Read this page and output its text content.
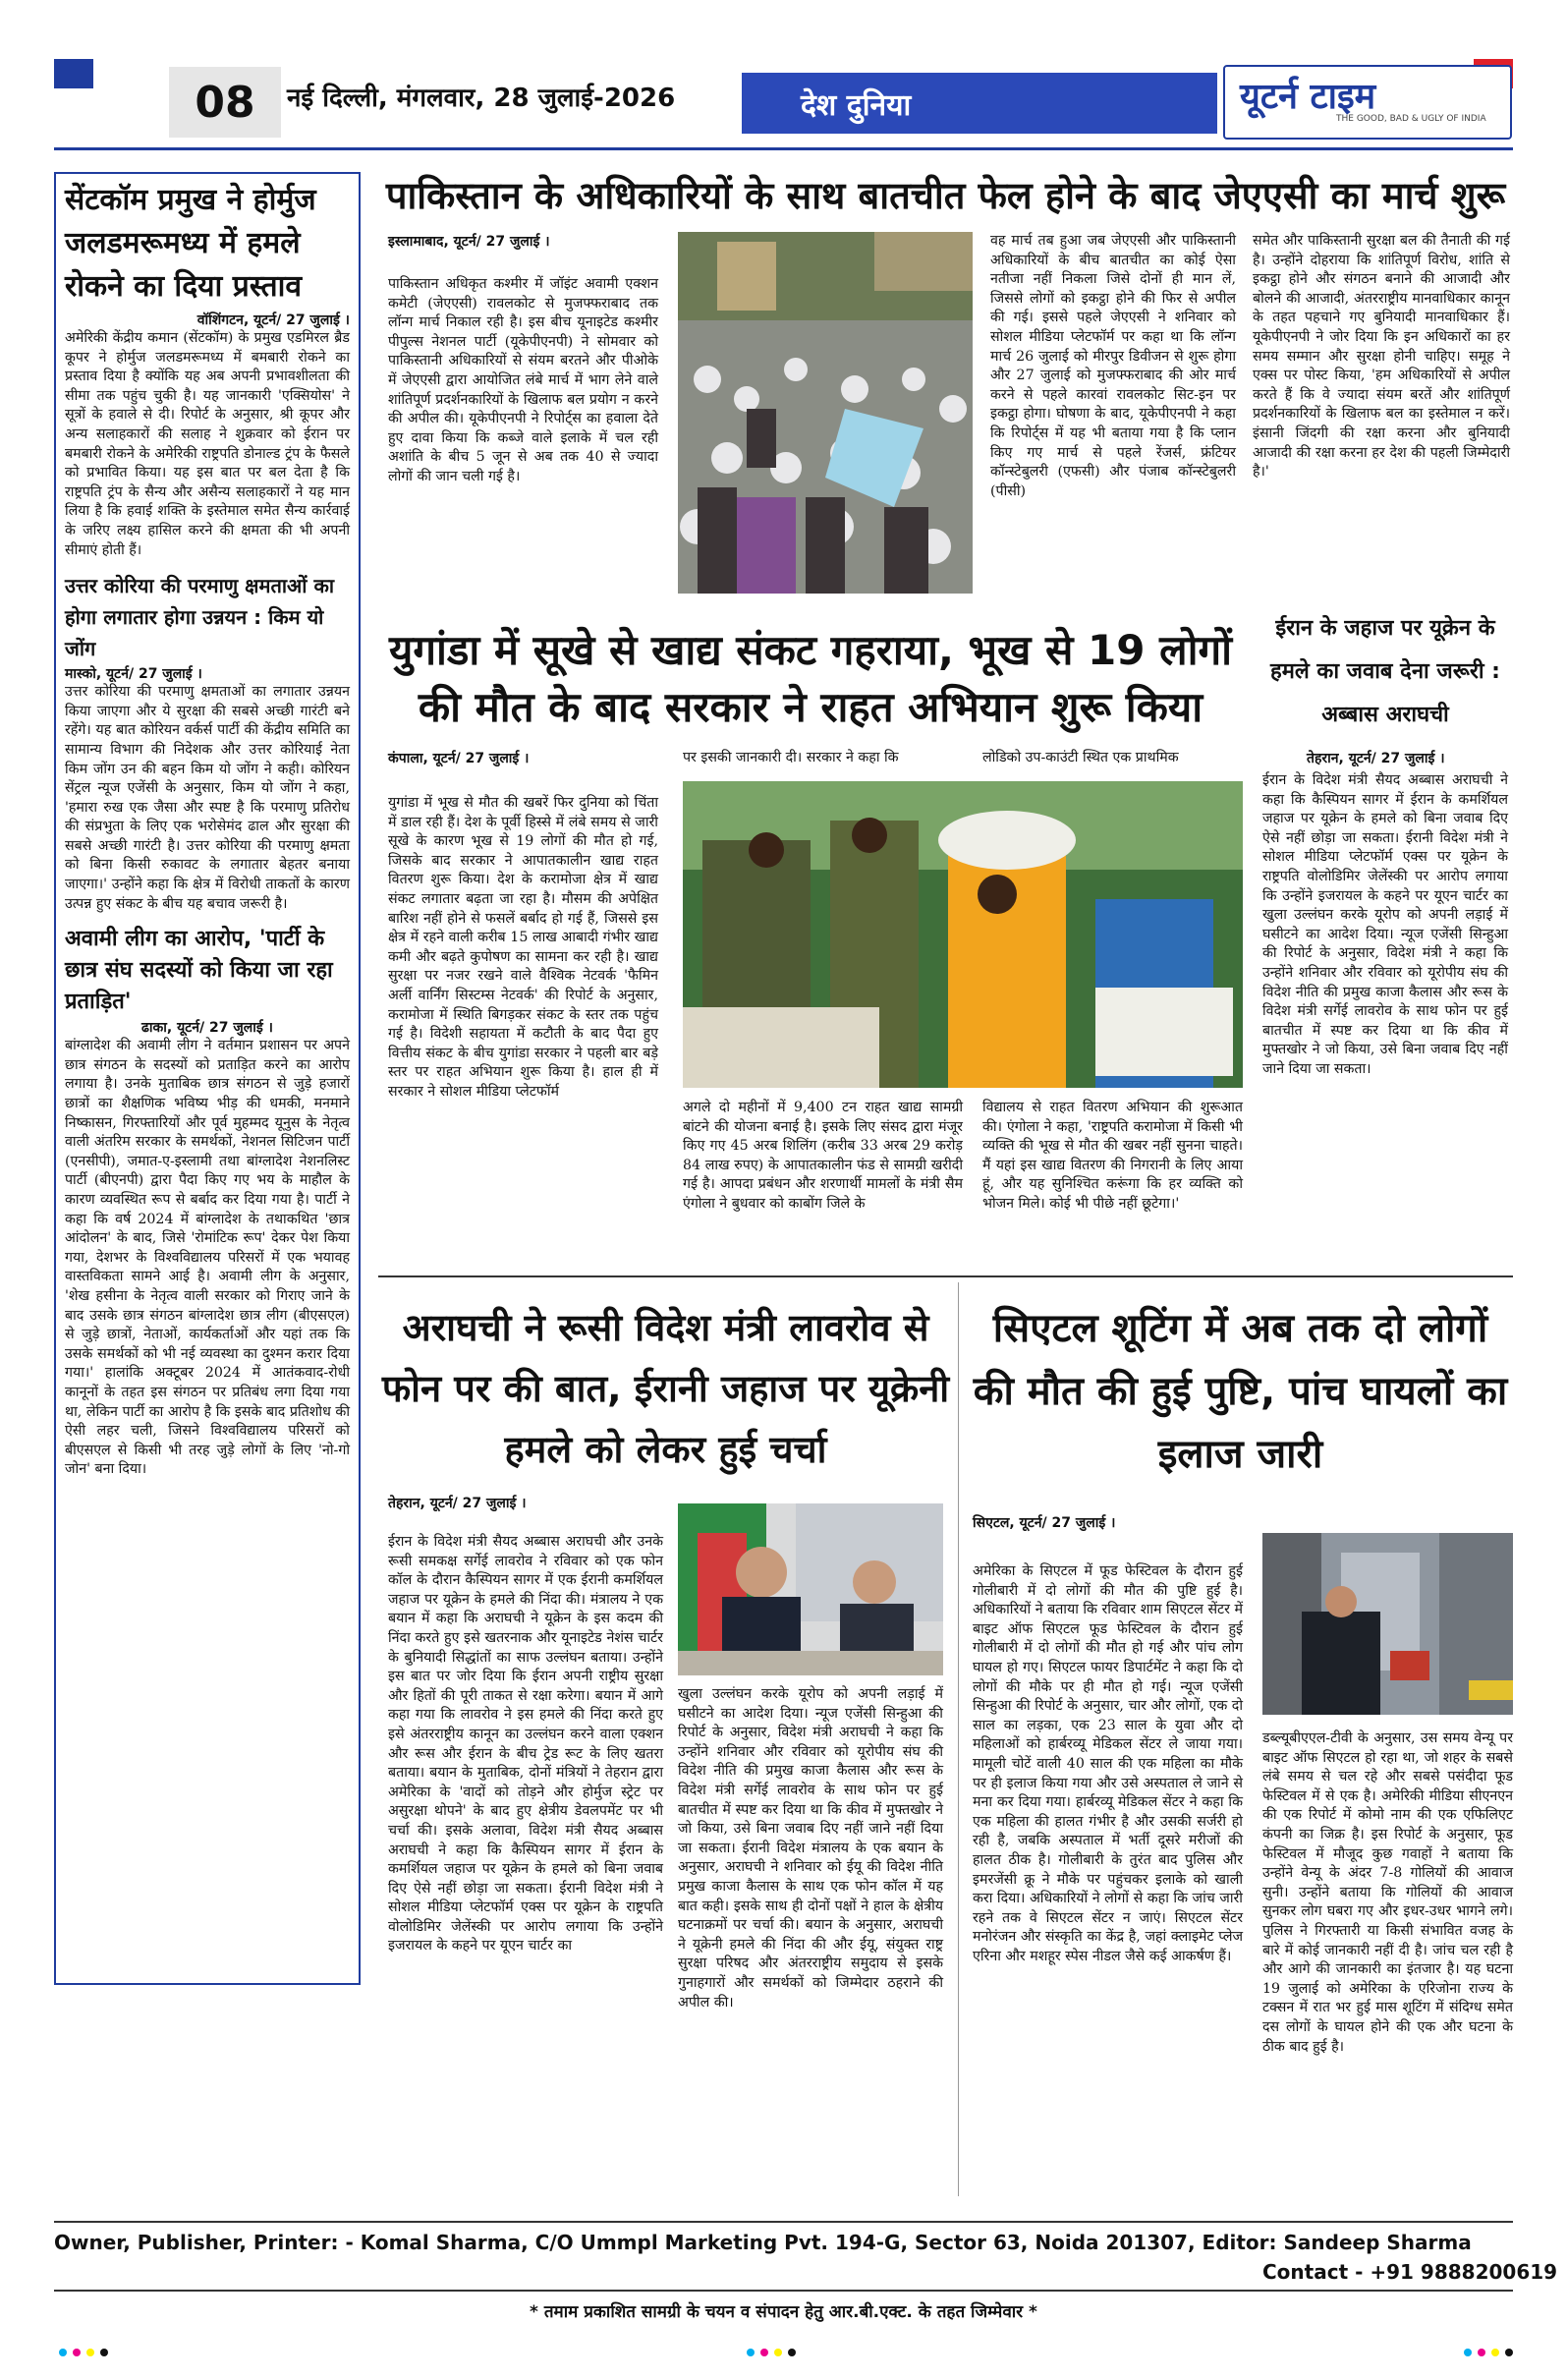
08	नई दिल्ली, मंगलवार, 28 जुलाई-2026	देश दुनिया	यूटर्न टाइम
THE GOOD, BAD & UGLY OF INDIA
सेंटकॉम प्रमुख ने होर्मुज जलडमरूमध्य में हमले रोकने का दिया प्रस्ताव
वॉशिंगटन, यूटर्न/ 27 जुलाई ।
अमेरिकी केंद्रीय कमान (सेंटकॉम) के प्रमुख एडमिरल ब्रैड कूपर ने होर्मुज जलडमरूमध्य में बमबारी रोकने का प्रस्ताव दिया है क्योंकि यह अब अपनी प्रभावशीलता की सीमा तक पहुंच चुकी है। यह जानकारी 'एक्सियोस' ने सूत्रों के हवाले से दी। रिपोर्ट के अनुसार, श्री कूपर और अन्य सलाहकारों की सलाह ने शुक्रवार को ईरान पर बमबारी रोकने के अमेरिकी राष्ट्रपति डोनाल्ड ट्रंप के फैसले को प्रभावित किया। यह इस बात पर बल देता है कि राष्ट्रपति ट्रंप के सैन्य और असैन्य सलाहकारों ने यह मान लिया है कि हवाई शक्ति के इस्तेमाल समेत सैन्य कार्रवाई के जरिए लक्ष्य हासिल करने की क्षमता की भी अपनी सीमाएं होती हैं।
उत्तर कोरिया की परमाणु क्षमताओं का होगा लगातार होगा उन्नयन : किम यो जोंग
मास्को, यूटर्न/ 27 जुलाई ।
उत्तर कोरिया की परमाणु क्षमताओं का लगातार उन्नयन किया जाएगा और ये सुरक्षा की सबसे अच्छी गारंटी बने रहेंगे। यह बात कोरियन वर्कर्स पार्टी की केंद्रीय समिति का सामान्य विभाग की निदेशक और उत्तर कोरियाई नेता किम जोंग उन की बहन किम यो जोंग ने कही। कोरियन सेंट्रल न्यूज एजेंसी के अनुसार, किम यो जोंग ने कहा, 'हमारा रुख एक जैसा और स्पष्ट है कि परमाणु प्रतिरोध की संप्रभुता के लिए एक भरोसेमंद ढाल और सुरक्षा की सबसे अच्छी गारंटी है। उत्तर कोरिया की परमाणु क्षमता को बिना किसी रुकावट के लगातार बेहतर बनाया जाएगा।' उन्होंने कहा कि क्षेत्र में विरोधी ताकतों के कारण उत्पन्न हुए संकट के बीच यह बचाव जरूरी है।
अवामी लीग का आरोप, 'पार्टी के छात्र संघ सदस्यों को किया जा रहा प्रताड़ित'
ढाका, यूटर्न/ 27 जुलाई ।
बांग्लादेश की अवामी लीग ने वर्तमान प्रशासन पर अपने छात्र संगठन के सदस्यों को प्रताड़ित करने का आरोप लगाया है। उनके मुताबिक छात्र संगठन से जुड़े हजारों छात्रों का शैक्षणिक भविष्य भीड़ की धमकी, मनमाने निष्कासन, गिरफ्तारियों और पूर्व मुहम्मद यूनुस के नेतृत्व वाली अंतरिम सरकार के समर्थकों, नेशनल सिटिजन पार्टी (एनसीपी), जमात-ए-इस्लामी तथा बांग्लादेश नेशनलिस्ट पार्टी (बीएनपी) द्वारा पैदा किए गए भय के माहौल के कारण व्यवस्थित रूप से बर्बाद कर दिया गया है। पार्टी ने कहा कि वर्ष 2024 में बांग्लादेश के तथाकथित 'छात्र आंदोलन' के बाद, जिसे 'रोमांटिक रूप' देकर पेश किया गया, देशभर के विश्वविद्यालय परिसरों में एक भयावह वास्तविकता सामने आई है। अवामी लीग के अनुसार, 'शेख हसीना के नेतृत्व वाली सरकार को गिराए जाने के बाद उसके छात्र संगठन बांग्लादेश छात्र लीग (बीएसएल) से जुड़े छात्रों, नेताओं, कार्यकर्ताओं और यहां तक कि उसके समर्थकों को भी नई व्यवस्था का दुश्मन करार दिया गया।' हालांकि अक्टूबर 2024 में आतंकवाद-रोधी कानूनों के तहत इस संगठन पर प्रतिबंध लगा दिया गया था, लेकिन पार्टी का आरोप है कि इसके बाद प्रतिशोध की ऐसी लहर चली, जिसने विश्वविद्यालय परिसरों को बीएसएल से किसी भी तरह जुड़े लोगों के लिए 'नो-गो जोन' बना दिया।
पाकिस्तान के अधिकारियों के साथ बातचीत फेल होने के बाद जेएएसी का मार्च शुरू
इस्लामाबाद, यूटर्न/ 27 जुलाई ।
पाकिस्तान अधिकृत कश्मीर में जॉइंट अवामी एक्शन कमेटी (जेएएसी) रावलकोट से मुजफ्फराबाद तक लॉन्ग मार्च निकाल रही है। इस बीच यूनाइटेड कश्मीर पीपुल्स नेशनल पार्टी (यूकेपीएनपी) ने सोमवार को पाकिस्तानी अधिकारियों से संयम बरतने और पीओके में जेएएसी द्वारा आयोजित लंबे मार्च में भाग लेने वाले शांतिपूर्ण प्रदर्शनकारियों के खिलाफ बल प्रयोग न करने की अपील की। यूकेपीएनपी ने रिपोर्ट्स का हवाला देते हुए दावा किया कि कब्जे वाले इलाके में चल रही अशांति के बीच 5 जून से अब तक 40 से ज्यादा लोगों की जान चली गई है।
वह मार्च तब हुआ जब जेएएसी और पाकिस्तानी अधिकारियों के बीच बातचीत का कोई ऐसा नतीजा नहीं निकला जिसे दोनों ही मान लें, जिससे लोगों को इकट्ठा होने की फिर से अपील की गई। इससे पहले जेएएसी ने शनिवार को सोशल मीडिया प्लेटफॉर्म पर कहा था कि लॉन्ग मार्च 26 जुलाई को मीरपुर डिवीजन से शुरू होगा और 27 जुलाई को मुजफ्फराबाद की ओर मार्च करने से पहले कारवां रावलकोट सिट-इन पर इकट्ठा होगा। घोषणा के बाद, यूकेपीएनपी ने कहा कि रिपोर्ट्स में यह भी बताया गया है कि प्लान किए गए मार्च से पहले रेंजर्स, फ्रंटियर कॉन्स्टेबुलरी (एफसी) और पंजाब कॉन्स्टेबुलरी (पीसी)
समेत और पाकिस्तानी सुरक्षा बल की तैनाती की गई है। उन्होंने दोहराया कि शांतिपूर्ण विरोध, शांति से इकट्ठा होने और संगठन बनाने की आजादी और बोलने की आजादी, अंतरराष्ट्रीय मानवाधिकार कानून के तहत पहचाने गए बुनियादी मानवाधिकार हैं। यूकेपीएनपी ने जोर दिया कि इन अधिकारों का हर समय सम्मान और सुरक्षा होनी चाहिए। समूह ने एक्स पर पोस्ट किया, 'हम अधिकारियों से अपील करते हैं कि वे ज्यादा संयम बरतें और शांतिपूर्ण प्रदर्शनकारियों के खिलाफ बल का इस्तेमाल न करें। इंसानी जिंदगी की रक्षा करना और बुनियादी आजादी की रक्षा करना हर देश की पहली जिम्मेदारी है।'
युगांडा में सूखे से खाद्य संकट गहराया, भूख से 19 लोगों की मौत के बाद सरकार ने राहत अभियान शुरू किया
कंपाला, यूटर्न/ 27 जुलाई ।
युगांडा में भूख से मौत की खबरें फिर दुनिया को चिंता में डाल रही हैं। देश के पूर्वी हिस्से में लंबे समय से जारी सूखे के कारण भूख से 19 लोगों की मौत हो गई, जिसके बाद सरकार ने आपातकालीन खाद्य राहत वितरण शुरू किया। देश के करामोजा क्षेत्र में खाद्य संकट लगातार बढ़ता जा रहा है। मौसम की अपेक्षित बारिश नहीं होने से फसलें बर्बाद हो गई हैं, जिससे इस क्षेत्र में रहने वाली करीब 15 लाख आबादी गंभीर खाद्य कमी और बढ़ते कुपोषण का सामना कर रही है। खाद्य सुरक्षा पर नजर रखने वाले वैश्विक नेटवर्क 'फैमिन अर्ली वार्निंग सिस्टम्स नेटवर्क' की रिपोर्ट के अनुसार, करामोजा में स्थिति बिगड़कर संकट के स्तर तक पहुंच गई है। विदेशी सहायता में कटौती के बाद पैदा हुए वित्तीय संकट के बीच युगांडा सरकार ने पहली बार बड़े स्तर पर राहत अभियान शुरू किया है। हाल ही में सरकार ने सोशल मीडिया प्लेटफॉर्म
पर इसकी जानकारी दी। सरकार ने कहा कि	लोडिको उप-काउंटी स्थित एक प्राथमिक
अगले दो महीनों में 9,400 टन राहत खाद्य सामग्री बांटने की योजना बनाई है। इसके लिए संसद द्वारा मंजूर किए गए 45 अरब शिलिंग (करीब 33 अरब 29 करोड़ 84 लाख रुपए) के आपातकालीन फंड से सामग्री खरीदी गई है। आपदा प्रबंधन और शरणार्थी मामलों के मंत्री सैम एंगोला ने बुधवार को काबोंग जिले के
विद्यालय से राहत वितरण अभियान की शुरूआत की। एंगोला ने कहा, 'राष्ट्रपति करामोजा में किसी भी व्यक्ति की भूख से मौत की खबर नहीं सुनना चाहते। मैं यहां इस खाद्य वितरण की निगरानी के लिए आया हूं, और यह सुनिश्चित करूंगा कि हर व्यक्ति को भोजन मिले। कोई भी पीछे नहीं छूटेगा।'
ईरान के जहाज पर यूक्रेन के हमले का जवाब देना जरूरी : अब्बास अराघची
तेहरान, यूटर्न/ 27 जुलाई ।
ईरान के विदेश मंत्री सैयद अब्बास अराघची ने कहा कि कैस्पियन सागर में ईरान के कमर्शियल जहाज पर यूक्रेन के हमले को बिना जवाब दिए ऐसे नहीं छोड़ा जा सकता। ईरानी विदेश मंत्री ने सोशल मीडिया प्लेटफॉर्म एक्स पर यूक्रेन के राष्ट्रपति वोलोडिमिर जेलेंस्की पर आरोप लगाया कि उन्होंने इजरायल के कहने पर यूएन चार्टर का खुला उल्लंघन करके यूरोप को अपनी लड़ाई में घसीटने का आदेश दिया। न्यूज एजेंसी सिन्हुआ की रिपोर्ट के अनुसार, विदेश मंत्री ने कहा कि उन्होंने शनिवार और रविवार को यूरोपीय संघ की विदेश नीति की प्रमुख काजा कैलास और रूस के विदेश मंत्री सर्गेई लावरोव के साथ फोन पर हुई बातचीत में स्पष्ट कर दिया था कि कीव में मुफ्तखोर ने जो किया, उसे बिना जवाब दिए नहीं जाने दिया जा सकता।
अराघची ने रूसी विदेश मंत्री लावरोव से फोन पर की बात, ईरानी जहाज पर यूक्रेनी हमले को लेकर हुई चर्चा
तेहरान, यूटर्न/ 27 जुलाई ।
ईरान के विदेश मंत्री सैयद अब्बास अराघची और उनके रूसी समकक्ष सर्गेई लावरोव ने रविवार को एक फोन कॉल के दौरान कैस्पियन सागर में एक ईरानी कमर्शियल जहाज पर यूक्रेन के हमले की निंदा की। मंत्रालय ने एक बयान में कहा कि अराघची ने यूक्रेन के इस कदम की निंदा करते हुए इसे खतरनाक और यूनाइटेड नेशंस चार्टर के बुनियादी सिद्धांतों का साफ उल्लंघन बताया। उन्होंने इस बात पर जोर दिया कि ईरान अपनी राष्ट्रीय सुरक्षा और हितों की पूरी ताकत से रक्षा करेगा। बयान में आगे कहा गया कि लावरोव ने इस हमले की निंदा करते हुए इसे अंतरराष्ट्रीय कानून का उल्लंघन करने वाला एक्शन और रूस और ईरान के बीच ट्रेड रूट के लिए खतरा बताया। बयान के मुताबिक, दोनों मंत्रियों ने तेहरान द्वारा अमेरिका के 'वादों को तोड़ने और होर्मुज स्ट्रेट पर असुरक्षा थोपने' के बाद हुए क्षेत्रीय डेवलपमेंट पर भी चर्चा की। इसके अलावा, विदेश मंत्री सैयद अब्बास अराघची ने कहा कि कैस्पियन सागर में ईरान के कमर्शियल जहाज पर यूक्रेन के हमले को बिना जवाब दिए ऐसे नहीं छोड़ा जा सकता। ईरानी विदेश मंत्री ने सोशल मीडिया प्लेटफॉर्म एक्स पर यूक्रेन के राष्ट्रपति वोलोडिमिर जेलेंस्की पर आरोप लगाया कि उन्होंने इजरायल के कहने पर यूएन चार्टर का
खुला उल्लंघन करके यूरोप को अपनी लड़ाई में घसीटने का आदेश दिया। न्यूज एजेंसी सिन्हुआ की रिपोर्ट के अनुसार, विदेश मंत्री अराघची ने कहा कि उन्होंने शनिवार और रविवार को यूरोपीय संघ की विदेश नीति की प्रमुख काजा कैलास और रूस के विदेश मंत्री सर्गेई लावरोव के साथ फोन पर हुई बातचीत में स्पष्ट कर दिया था कि कीव में मुफ्तखोर ने जो किया, उसे बिना जवाब दिए नहीं जाने नहीं दिया जा सकता। ईरानी विदेश मंत्रालय के एक बयान के अनुसार, अराघची ने शनिवार को ईयू की विदेश नीति प्रमुख काजा कैलास के साथ एक फोन कॉल में यह बात कही। इसके साथ ही दोनों पक्षों ने हाल के क्षेत्रीय घटनाक्रमों पर चर्चा की। बयान के अनुसार, अराघची ने यूक्रेनी हमले की निंदा की और ईयू, संयुक्त राष्ट्र सुरक्षा परिषद और अंतरराष्ट्रीय समुदाय से इसके गुनाहगारों और समर्थकों को जिम्मेदार ठहराने की अपील की।
सिएटल शूटिंग में अब तक दो लोगों की मौत की हुई पुष्टि, पांच घायलों का इलाज जारी
सिएटल, यूटर्न/ 27 जुलाई ।
अमेरिका के सिएटल में फूड फेस्टिवल के दौरान हुई गोलीबारी में दो लोगों की मौत की पुष्टि हुई है। अधिकारियों ने बताया कि रविवार शाम सिएटल सेंटर में बाइट ऑफ सिएटल फूड फेस्टिवल के दौरान हुई गोलीबारी में दो लोगों की मौत हो गई और पांच लोग घायल हो गए। सिएटल फायर डिपार्टमेंट ने कहा कि दो लोगों की मौके पर ही मौत हो गई। न्यूज एजेंसी सिन्हुआ की रिपोर्ट के अनुसार, चार और लोगों, एक दो साल का लड़का, एक 23 साल के युवा और दो महिलाओं को हार्बरव्यू मेडिकल सेंटर ले जाया गया। मामूली चोटें वाली 40 साल की एक महिला का मौके पर ही इलाज किया गया और उसे अस्पताल ले जाने से मना कर दिया गया। हार्बरव्यू मेडिकल सेंटर ने कहा कि एक महिला की हालत गंभीर है और उसकी सर्जरी हो रही है, जबकि अस्पताल में भर्ती दूसरे मरीजों की हालत ठीक है। गोलीबारी के तुरंत बाद पुलिस और इमरजेंसी क्रू ने मौके पर पहुंचकर इलाके को खाली करा दिया। अधिकारियों ने लोगों से कहा कि जांच जारी रहने तक वे सिएटल सेंटर न जाएं। सिएटल सेंटर मनोरंजन और संस्कृति का केंद्र है, जहां क्लाइमेट प्लेज एरिना और मशहूर स्पेस नीडल जैसे कई आकर्षण हैं।
डब्ल्यूबीएएल-टीवी के अनुसार, उस समय वेन्यू पर बाइट ऑफ सिएटल हो रहा था, जो शहर के सबसे लंबे समय से चल रहे और सबसे पसंदीदा फूड फेस्टिवल में से एक है। अमेरिकी मीडिया सीएनएन की एक रिपोर्ट में कोमो नाम की एक एफिलिएट कंपनी का जिक्र है। इस रिपोर्ट के अनुसार, फूड फेस्टिवल में मौजूद कुछ गवाहों ने बताया कि उन्होंने वेन्यू के अंदर 7-8 गोलियों की आवाज सुनी। उन्होंने बताया कि गोलियों की आवाज सुनकर लोग घबरा गए और इधर-उधर भागने लगे। पुलिस ने गिरफ्तारी या किसी संभावित वजह के बारे में कोई जानकारी नहीं दी है। जांच चल रही है और आगे की जानकारी का इंतजार है। यह घटना 19 जुलाई को अमेरिका के एरिजोना राज्य के टक्सन में रात भर हुई मास शूटिंग में संदिग्ध समेत दस लोगों के घायल होने की एक और घटना के ठीक बाद हुई है।
Owner, Publisher, Printer: - Komal Sharma, C/O Ummpl Marketing Pvt. 194-G, Sector 63, Noida 201307, Editor: Sandeep Sharma
Contact - +91 9888200619
* तमाम प्रकाशित सामग्री के चयन व संपादन हेतु आर.बी.एक्ट. के तहत जिम्मेवार *
